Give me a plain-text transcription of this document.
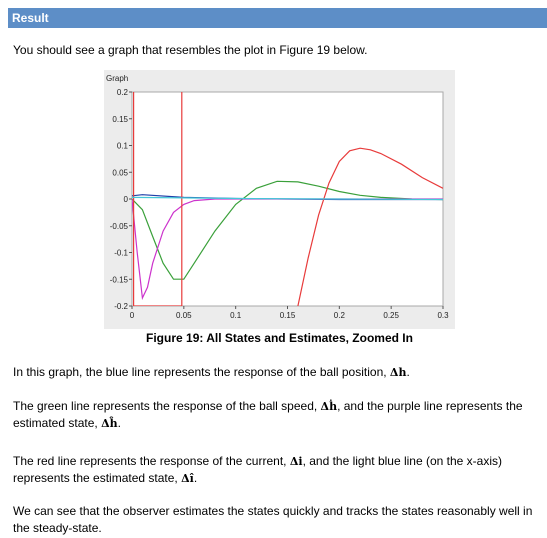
Result
You should see a graph that resembles the plot in Figure 19 below.
Graph
0.2
0.15
0.1
0.05
0
-0.05
-0.1
-0.15
-0.2
0	0.05	0.1	0.15	0.2	0.25	0.3
Figure 19: All States and Estimates, Zoomed In
In this graph, the blue line represents the response of the ball position, Δh.
The green line represents the response of the ball speed, Δḣ, and the purple line represents the estimated state, Δĥ.
The red line represents the response of the current, Δi, and the light blue line (on the x-axis) represents the estimated state, Δî.
We can see that the observer estimates the states quickly and tracks the states reasonably well in the steady-state.
